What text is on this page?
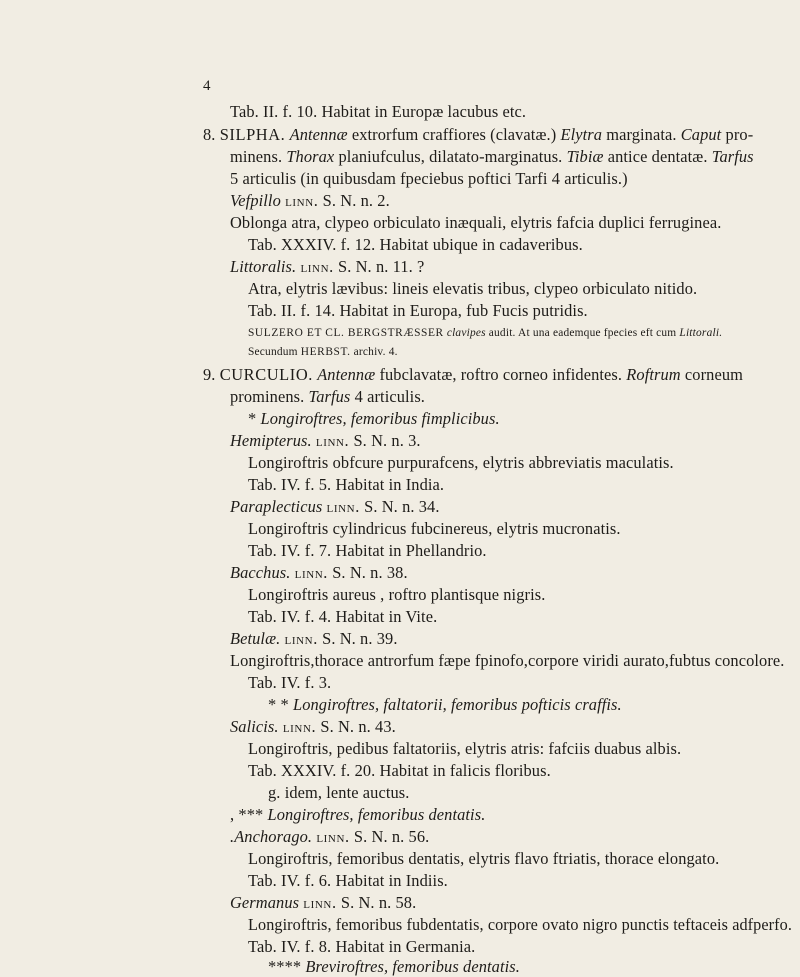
4
Tab. II. f. 10. Habitat in Europæ lacubus etc.
8. SILPHA. Antennæ extrorfum craffiores (clavatæ.) Elytra marginata. Caput pro-
minens. Thorax planiufculus, dilatato-marginatus. Tibiæ antice dentatæ. Tarfus
5 articulis (in quibusdam fpeciebus poftici Tarfi 4 articulis.)
Vefpillo linn. S. N. n. 2.
Oblonga atra, clypeo orbiculato inæquali, elytris fafcia duplici ferruginea.
Tab. XXXIV. f. 12. Habitat ubique in cadaveribus.
Littoralis. linn. S. N. n. 11. ?
Atra, elytris lævibus: lineis elevatis tribus, clypeo orbiculato nitido.
Tab. II. f. 14. Habitat in Europa, fub Fucis putridis.
SULZERO ET CL. BERGSTRÆSSER clavipes audit. At una eademque fpecies eft cum Littorali.
Secundum HERBST. archiv. 4.
9. CURCULIO. Antennæ fubclavatæ, roftro corneo infidentes. Roftrum corneum
prominens. Tarfus 4 articulis.
* Longiroftres, femoribus fimplicibus.
Hemipterus. linn. S. N. n. 3.
Longiroftris obfcure purpurafcens, elytris abbreviatis maculatis.
Tab. IV. f. 5. Habitat in India.
Paraplecticus linn. S. N. n. 34.
Longiroftris cylindricus fubcinereus, elytris mucronatis.
Tab. IV. f. 7. Habitat in Phellandrio.
Bacchus. linn. S. N. n. 38.
Longiroftris aureus , roftro plantisque nigris.
Tab. IV. f. 4. Habitat in Vite.
Betulæ. linn. S. N. n. 39.
Longiroftris,thorace antrorfum fæpe fpinofo,corpore viridi aurato,fubtus concolore.
Tab. IV. f. 3.
* * Longiroftres, faltatorii, femoribus pofticis craffis.
Salicis. linn. S. N. n. 43.
Longiroftris, pedibus faltatoriis, elytris atris: fafciis duabus albis.
Tab. XXXIV. f. 20. Habitat in falicis floribus.
g. idem, lente auctus.
, *** Longiroftres, femoribus dentatis.
.Anchorago. linn. S. N. n. 56.
Longiroftris, femoribus dentatis, elytris flavo ftriatis, thorace elongato.
Tab. IV. f. 6. Habitat in Indiis.
Germanus linn. S. N. n. 58.
Longiroftris, femoribus fubdentatis, corpore ovato nigro punctis teftaceis adfperfo.
Tab. IV. f. 8. Habitat in Germania.
**** Breviroftres, femoribus dentatis.
